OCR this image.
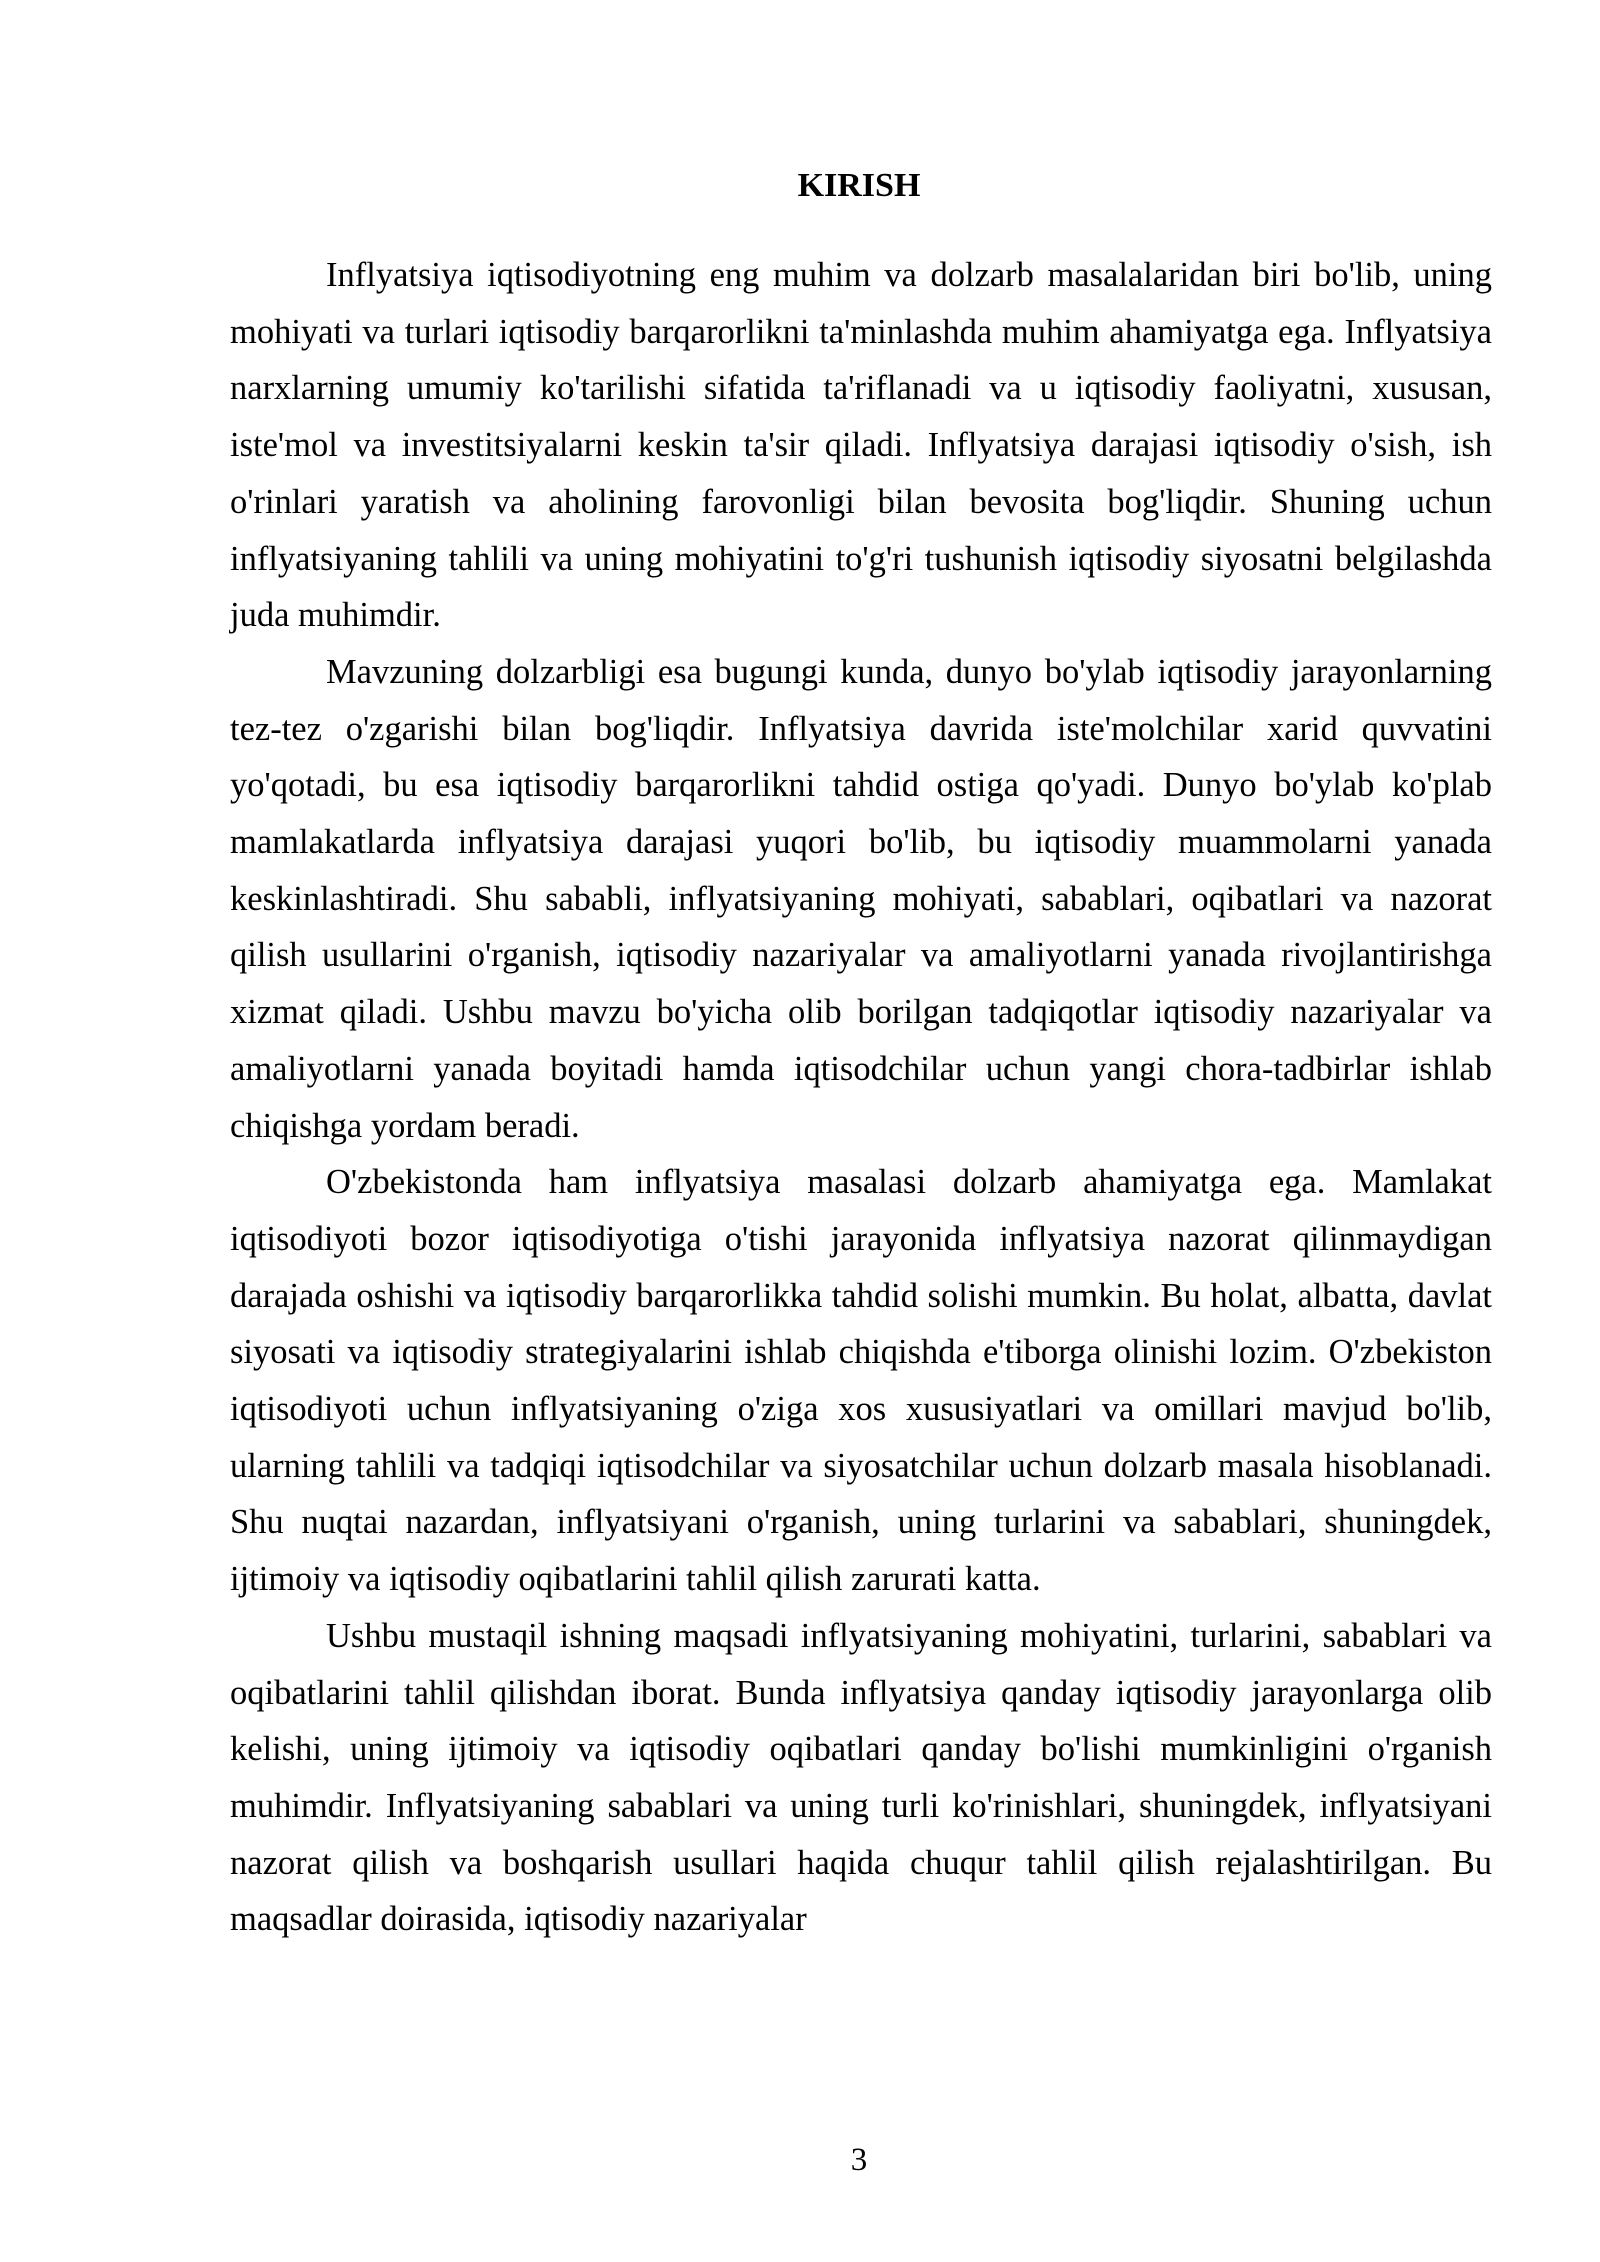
KIRISH

Inflyatsiya iqtisodiyotning eng muhim va dolzarb masalalaridan biri bo'lib, uning mohiyati va turlari iqtisodiy barqarorlikni ta'minlashda muhim ahamiyatga ega. Inflyatsiya narxlarning umumiy ko'tarilishi sifatida ta'riflanadi va u iqtisodiy faoliyatni, xususan, iste'mol va investitsiyalarni keskin ta'sir qiladi. Inflyatsiya darajasi iqtisodiy o'sish, ish o'rinlari yaratish va aholining farovonligi bilan bevosita bog'liqdir. Shuning uchun inflyatsiyaning tahlili va uning mohiyatini to'g'ri tushunish iqtisodiy siyosatni belgilashda juda muhimdir.

Mavzuning dolzarbligi esa bugungi kunda, dunyo bo'ylab iqtisodiy jarayonlarning tez-tez o'zgarishi bilan bog'liqdir. Inflyatsiya davrida iste'molchilar xarid quvvatini yo'qotadi, bu esa iqtisodiy barqarorlikni tahdid ostiga qo'yadi. Dunyo bo'ylab ko'plab mamlakatlarda inflyatsiya darajasi yuqori bo'lib, bu iqtisodiy muammolarni yanada keskinlashtiradi. Shu sababli, inflyatsiyaning mohiyati, sabablari, oqibatlari va nazorat qilish usullarini o'rganish, iqtisodiy nazariyalar va amaliyotlarni yanada rivojlantirishga xizmat qiladi. Ushbu mavzu bo'yicha olib borilgan tadqiqotlar iqtisodiy nazariyalar va amaliyotlarni yanada boyitadi hamda iqtisodchilar uchun yangi chora-tadbirlar ishlab chiqishga yordam beradi.

O'zbekistonda ham inflyatsiya masalasi dolzarb ahamiyatga ega. Mamlakat iqtisodiyoti bozor iqtisodiyotiga o'tishi jarayonida inflyatsiya nazorat qilinmaydigan darajada oshishi va iqtisodiy barqarorlikka tahdid solishi mumkin. Bu holat, albatta, davlat siyosati va iqtisodiy strategiyalarini ishlab chiqishda e'tiborga olinishi lozim. O'zbekiston iqtisodiyoti uchun inflyatsiyaning o'ziga xos xususiyatlari va omillari mavjud bo'lib, ularning tahlili va tadqiqi iqtisodchilar va siyosatchilar uchun dolzarb masala hisoblanadi. Shu nuqtai nazardan, inflyatsiyani o'rganish, uning turlarini va sabablari, shuningdek, ijtimoiy va iqtisodiy oqibatlarini tahlil qilish zarurati katta.

Ushbu mustaqil ishning maqsadi inflyatsiyaning mohiyatini, turlarini, sabablari va oqibatlarini tahlil qilishdan iborat. Bunda inflyatsiya qanday iqtisodiy jarayonlarga olib kelishi, uning ijtimoiy va iqtisodiy oqibatlari qanday bo'lishi mumkinligini o'rganish muhimdir. Inflyatsiyaning sabablari va uning turli ko'rinishlari, shuningdek, inflyatsiyani nazorat qilish va boshqarish usullari haqida chuqur tahlil qilish rejalashtirilgan. Bu maqsadlar doirasida, iqtisodiy nazariyalar

3
